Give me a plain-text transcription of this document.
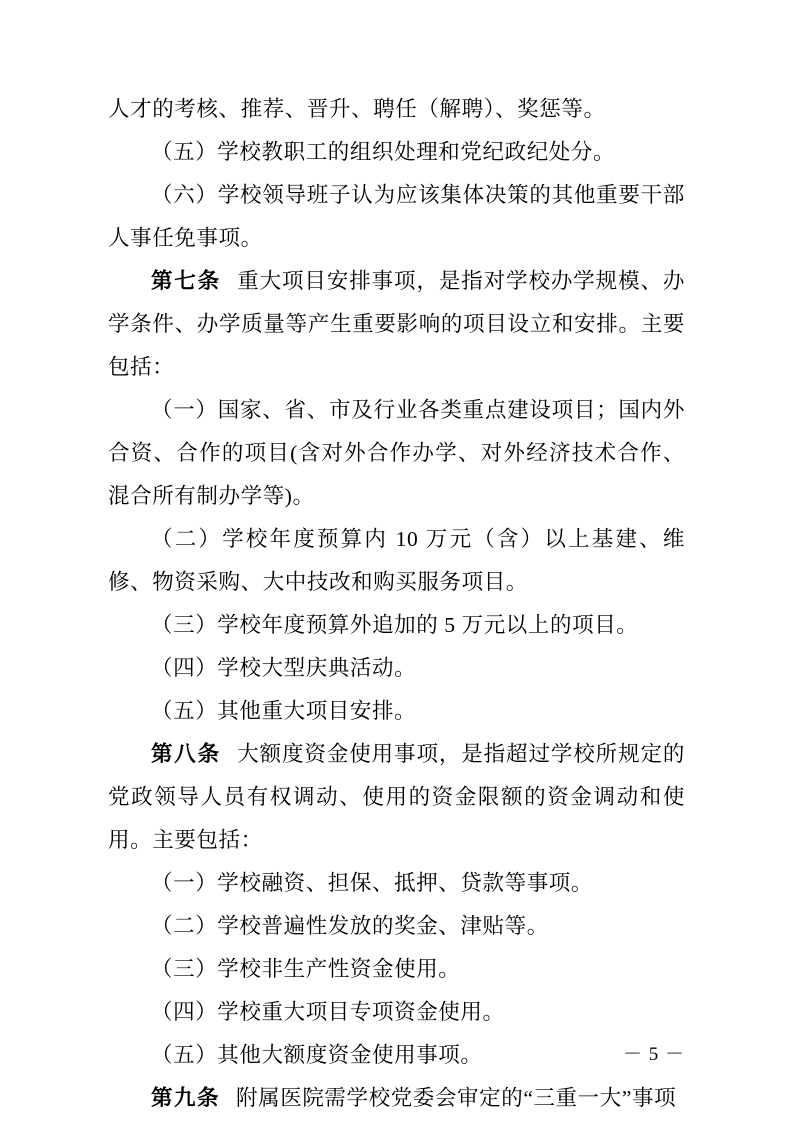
人才的考核、推荐、晋升、聘任（解聘）、奖惩等。

（五）学校教职工的组织处理和党纪政纪处分。

（六）学校领导班子认为应该集体决策的其他重要干部人事任免事项。

第七条 重大项目安排事项，是指对学校办学规模、办学条件、办学质量等产生重要影响的项目设立和安排。主要包括：

（一）国家、省、市及行业各类重点建设项目；国内外合资、合作的项目(含对外合作办学、对外经济技术合作、混合所有制办学等)。

（二）学校年度预算内 10 万元（含）以上基建、维修、物资采购、大中技改和购买服务项目。

（三）学校年度预算外追加的 5 万元以上的项目。

（四）学校大型庆典活动。

（五）其他重大项目安排。

第八条 大额度资金使用事项，是指超过学校所规定的党政领导人员有权调动、使用的资金限额的资金调动和使用。主要包括：

（一）学校融资、担保、抵押、贷款等事项。

（二）学校普遍性发放的奖金、津贴等。

（三）学校非生产性资金使用。

（四）学校重大项目专项资金使用。

（五）其他大额度资金使用事项。

第九条 附属医院需学校党委会审定的“三重一大”事项

－ 5 －
